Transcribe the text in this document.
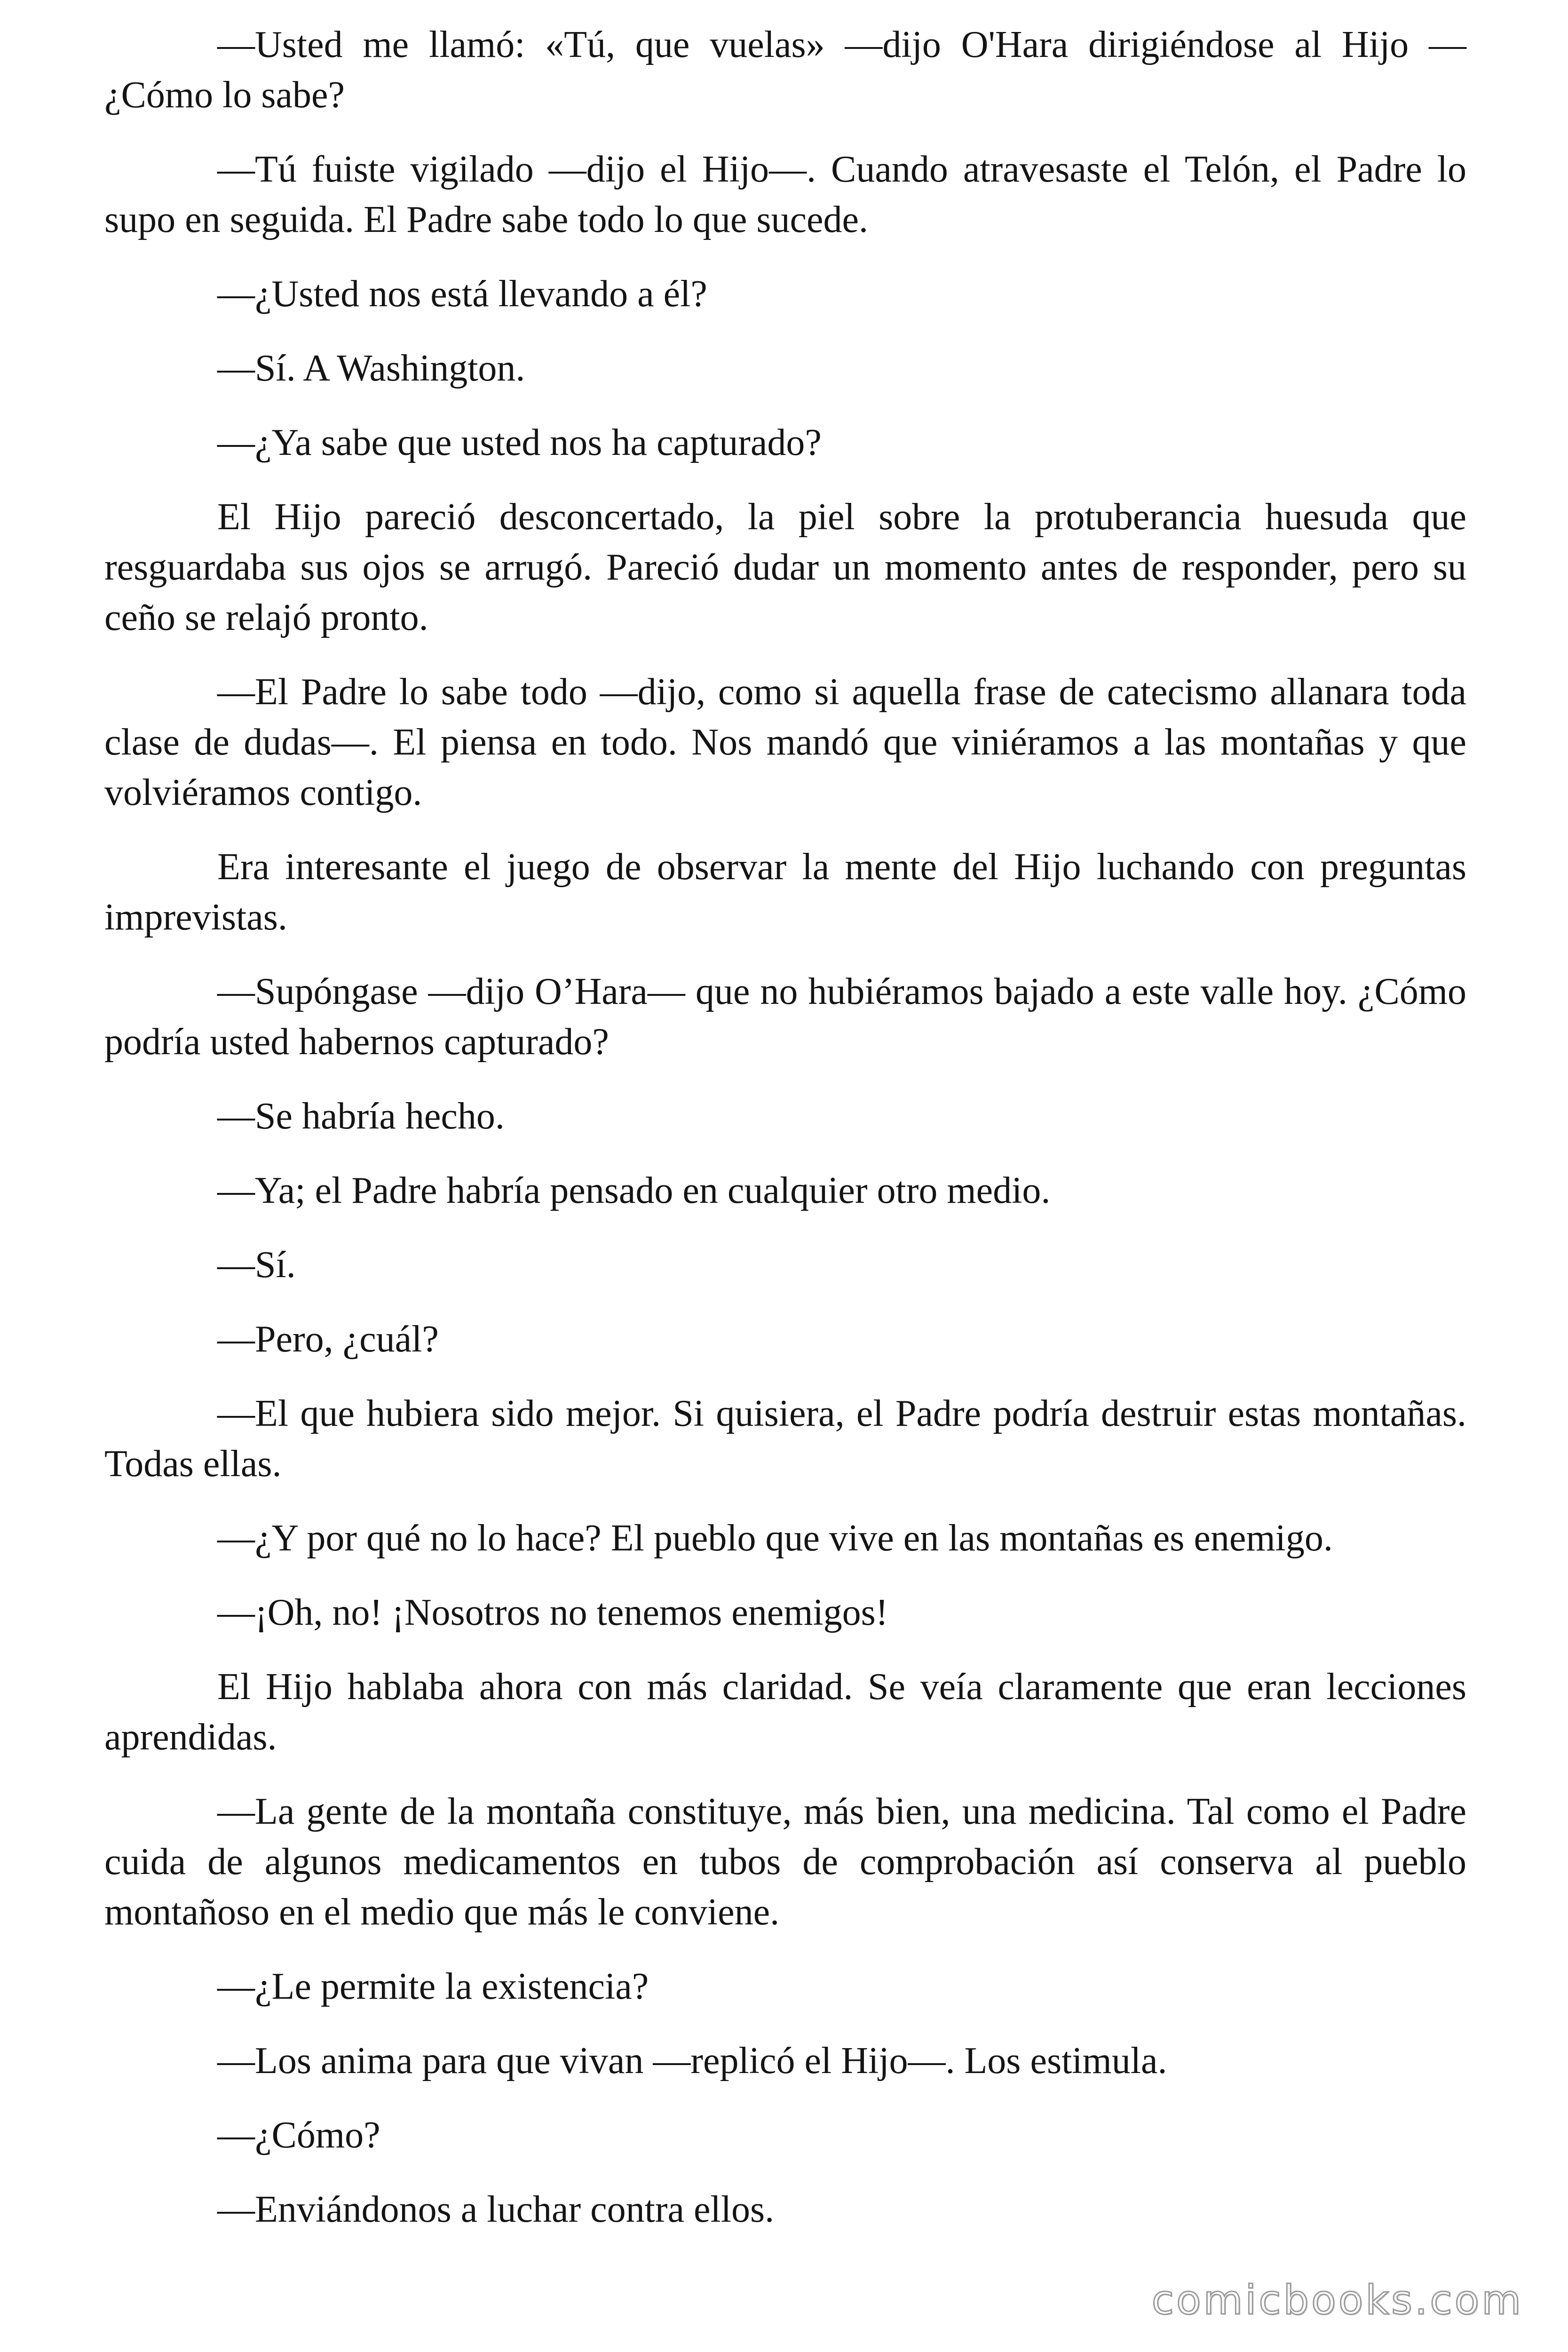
—Usted me llamó: «Tú, que vuelas» —dijo O'Hara dirigiéndose al Hijo — ¿Cómo lo sabe?

—Tú fuiste vigilado —dijo el Hijo—. Cuando atravesaste el Telón, el Padre lo supo en seguida. El Padre sabe todo lo que sucede.

—¿Usted nos está llevando a él?

—Sí. A Washington.

—¿Ya sabe que usted nos ha capturado?

El Hijo pareció desconcertado, la piel sobre la protuberancia huesuda que resguardaba sus ojos se arrugó. Pareció dudar un momento antes de responder, pero su ceño se relajó pronto.

—El Padre lo sabe todo —dijo, como si aquella frase de catecismo allanara toda clase de dudas—. El piensa en todo. Nos mandó que viniéramos a las montañas y que volviéramos contigo.

Era interesante el juego de observar la mente del Hijo luchando con preguntas imprevistas.

—Supóngase —dijo O’Hara— que no hubiéramos bajado a este valle hoy. ¿Cómo podría usted habernos capturado?

—Se habría hecho.

—Ya; el Padre habría pensado en cualquier otro medio.

—Sí.

—Pero, ¿cuál?

—El que hubiera sido mejor. Si quisiera, el Padre podría destruir estas montañas. Todas ellas.

—¿Y por qué no lo hace? El pueblo que vive en las montañas es enemigo.

—¡Oh, no! ¡Nosotros no tenemos enemigos!

El Hijo hablaba ahora con más claridad. Se veía claramente que eran lecciones aprendidas.

—La gente de la montaña constituye, más bien, una medicina. Tal como el Padre cuida de algunos medicamentos en tubos de comprobación así conserva al pueblo montañoso en el medio que más le conviene.

—¿Le permite la existencia?

—Los anima para que vivan —replicó el Hijo—. Los estimula.

—¿Cómo?

—Enviándonos a luchar contra ellos.

comicbooks.com
